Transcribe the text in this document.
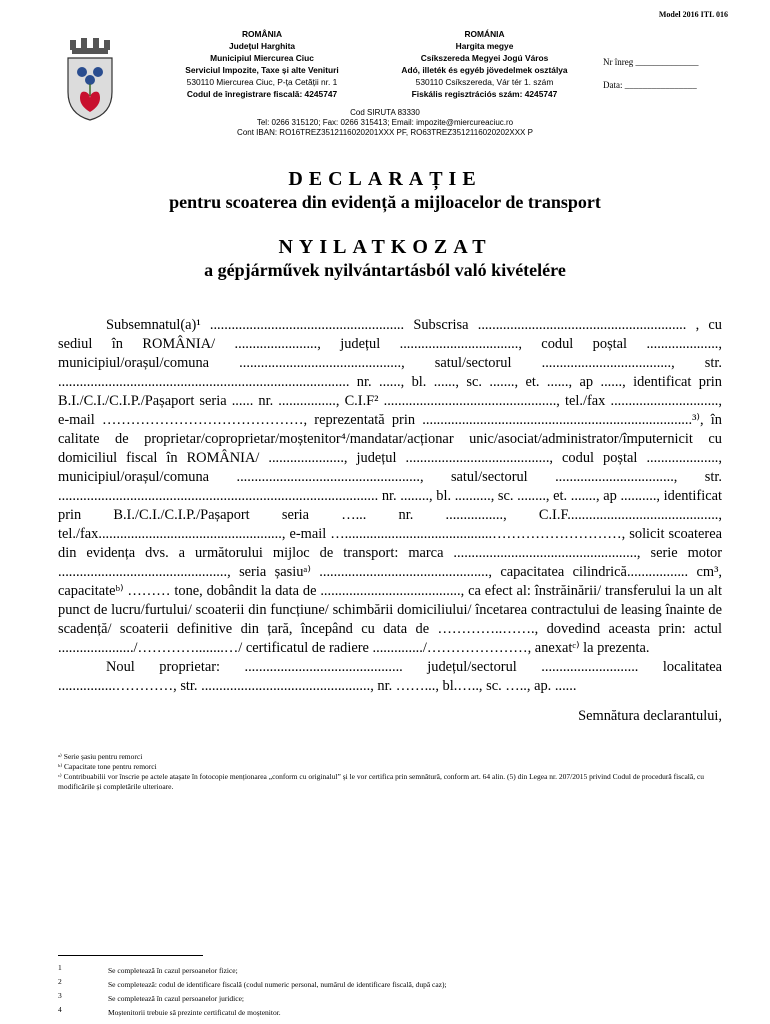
Model 2016 ITL 016
ROMÂNIA
Județul Harghita
Municipiul Miercurea Ciuc
Serviciul Impozite, Taxe și alte Venituri
530110 Miercurea Ciuc, P-ța Cetății nr. 1
Codul de înregistrare fiscală: 4245747
ROMÁNIA
Hargita megye
Csíkszereda Megyei Jogú Város
Adó, illeték és egyéb jövedelmek osztálya
530110 Csíkszereda, Vár tér 1. szám
Fiskális regisztrációs szám: 4245747
Nr înreg ______________
Data: ________________
Cod SIRUTA 83330
Tel: 0266 315120; Fax: 0266 315413; Email: impozite@miercureaciuc.ro
Cont IBAN: RO16TREZ3512116020201XXX PF, RO63TREZ3512116020202XXX P
DECLARAȚIE
pentru scoaterea din evidență a mijloacelor de transport
NYILATKOZAT
a gépjárművek nyilvántartásból való kivételére

Subsemnatul(a)¹ ...................................................... Subscrisa .......................................................... , cu sediul în ROMÂNIA/ ......................., județul ................................., codul poștal ...................., municipiul/orașul/comuna ............................................., satul/sectorul ...................................., str. ................................................................................. nr. ......, bl. ......, sc. ......., et. ......, ap ......, identificat prin B.I./C.I./C.I.P./Pașaport seria ...... nr. ................, C.I.F² ................................................, tel./fax .............................., e-mail ……………………………………, reprezentată prin ...........................................................................³⁾, în calitate de proprietar/coproprietar/moștenitor⁴/mandatar/acționar unic/asociat/administrator/împuternicit cu domiciliul fiscal în ROMÂNIA/ ....................., județul ........................................, codul poștal ...................., municipiul/orașul/comuna ..................................................., satul/sectorul ................................., str. ......................................................................................... nr. ........, bl. .........., sc. ........, et. ......., ap .........., identificat prin B.I./C.I./C.I.P./Pașaport seria …... nr. ................, C.I.F.........................................., tel./fax..................................................., e-mail ….........................................………………………, solicit scoaterea din evidența dvs. a următorului mijloc de transport: marca ..................................................., serie motor ..............................................., seria șasiuᵃ⁾ ..............................................., capacitatea cilindrică................. cm³, capacitateᵇ⁾ ……… tone, dobândit la data de ......................................., ca efect al: înstrăinării/ transferului la un alt punct de lucru/furtului/ scoaterii din funcțiune/ schimbării domiciliului/ încetarea contractului de leasing înainte de scadență/ scoaterii definitive din țară, începând cu data de …………..……., dovedind aceasta prin: actul ...................../…………........…/ certificatul de radiere ............../…………………, anexatᶜ⁾ la prezenta.

Noul proprietar: ............................................ județul/sectorul ........................... localitatea ................…………, str. ..............................................., nr. ……..., bl.….., sc. ….., ap. ......

Semnătura declarantului,
ᵃ⁾ Serie șasiu pentru remorci
ᵇ⁾ Capacitate tone pentru remorci
ᶜ⁾ Contribuabilii vor înscrie pe actele atașate în fotocopie menționarea „conform cu originalul” și le vor certifica prin semnătură, conform art. 64 alin. (5) din Legea nr. 207/2015 privind Codul de procedură fiscală, cu modificările și completările ulterioare.
1	Se completează în cazul persoanelor fizice;
2	Se completează: codul de identificare fiscală (codul numeric personal, numărul de identificare fiscală, după caz);
3	Se completează în cazul persoanelor juridice;
4	Moștenitorii trebuie să prezinte certificatul de moștenitor.
